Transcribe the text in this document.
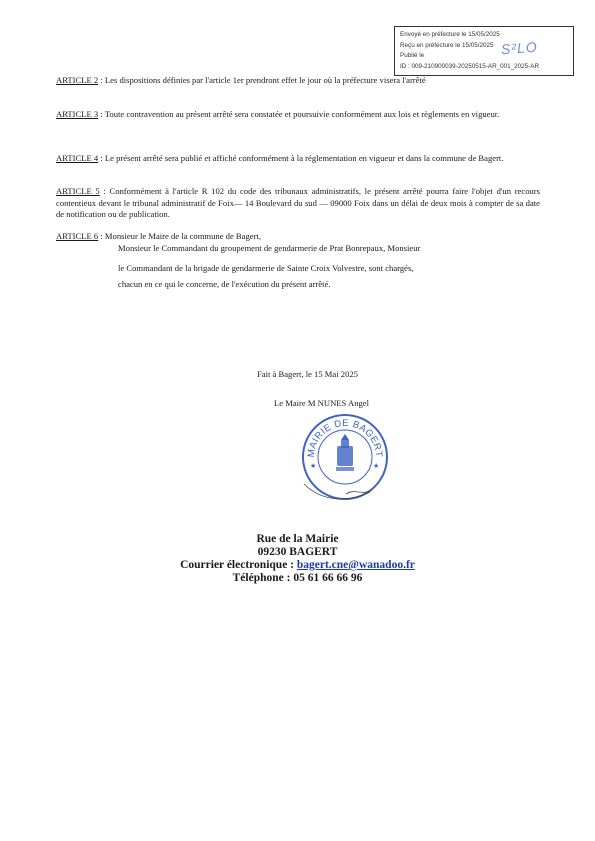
Envoyé en préfecture le 15/05/2025
Reçu en préfecture le 15/05/2025
Publié le
ID : 009-210900039-20250515-AR_001_2025-AR
S²LO
ARTICLE 2 : Les dispositions définies par l'article 1er prendront effet le jour où la préfecture visera l'arrêté
ARTICLE 3 : Toute contravention au présent arrêté sera constatée et poursuivie conformément aux lois et règlements en vigueur.
ARTICLE 4 : Le présent arrêté sera publié et affiché conformément à la réglementation en vigueur et dans la commune de Bagert.
ARTICLE 5 : Conformément à l'article R 102 du code des tribunaux administratifs, le présent arrêté pourra faire l'objet d'un recours contentieux devant le tribunal administratif de Foix— 14 Boulevard du sud — 09000 Foix dans un délai de deux mois à compter de sa date de notification ou de publication.
ARTICLE 6 : Monsieur le Maire de la commune de Bagert,
Monsieur le Commandant du groupement de gendarmerie de Prat Bonrepaux, Monsieur
le Commandant de la brigade de gendarmerie de Sainte Croix Volvestre, sont chargés,
chacun en ce qui le concerne, de l'exécution du présent arrêté.
Fait à Bagert, le 15 Mai 2025
Le Maire M NUNES Angel
MAIRIE DE BAGERT
★	★
Rue de la Mairie
09230 BAGERT
Courrier électronique : bagert.cne@wanadoo.fr
Téléphone : 05 61 66 66 96
